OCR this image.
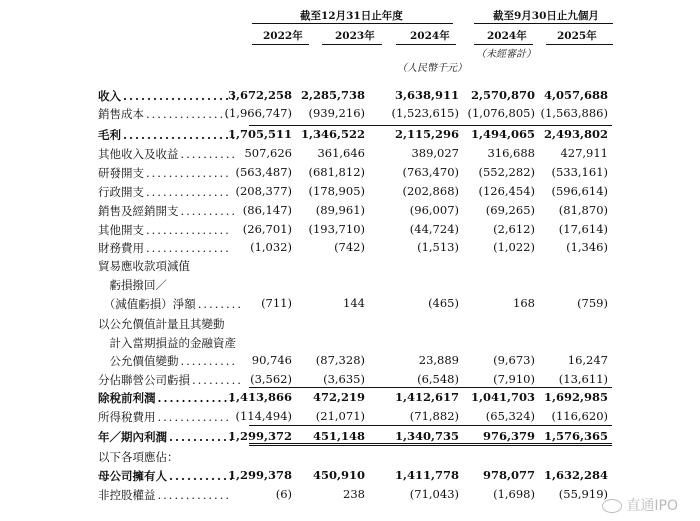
截至12月31日止年度	截至9月30日止九個月
2022年	2023年	2024年	2024年	2025年
（未經審計）
（人民幣千元）
收入 ...................
3,672,258 2,285,738	3,638,911	2,570,870 4,057,688
銷售成本 ...............
(1,966,747)	(939,216)	(1,523,615) (1,076,805) (1,563,886)
毛利 ...................
1,705,511 1,346,522	2,115,296	1,494,065 2,493,802
其他收入及收益 .......... 507,626	361,646	389,027	316,688	427,911
研發開支 ............... (563,487)	(681,812)	(763,470)	(552,282)	(533,161)
行政開支 ............... (208,377)	(178,905)	(202,868)	(126,454)	(596,614)
銷售及經銷開支 .......... (86,147)	(89,961)	(96,007)	(69,265)	(81,870)
其他開支 ...............	(26,701)	(193,710)	(44,724)	(2,612)	(17,614)
財務費用 ...............	(1,032)	(742)	(1,513)	(1,022)	(1,346)
貿易應收款項減值
　虧損撥回／
　（減值虧損）淨額 ........	(711)	144	(465)	168	(759)
以公允價值計量且其變動
　計入當期損益的金融資產
　公允價值變動 ..........	90,746	(87,328)	23,889	(9,673)	16,247
分佔聯營公司虧損 ......... (3,562)	(3,635)	(6,548)	(7,910)	(13,611)
除稅前利潤 .............
1,413,866	472,219	1,412,617	1,041,703 1,692,985
所得稅費用 ............. (114,494)	(21,071)	(71,882)	(65,324)	(116,620)
年／期內利潤 ...........
1,299,372	451,148	1,340,735	976,379 1,576,365
以下各項應佔：
母公司擁有人 ...........
1,299,378	450,910	1,411,778	978,077 1,632,284
非控股權益 .............	(6)	238	(71,043)	(1,698)	(55,919)
直通IPO
